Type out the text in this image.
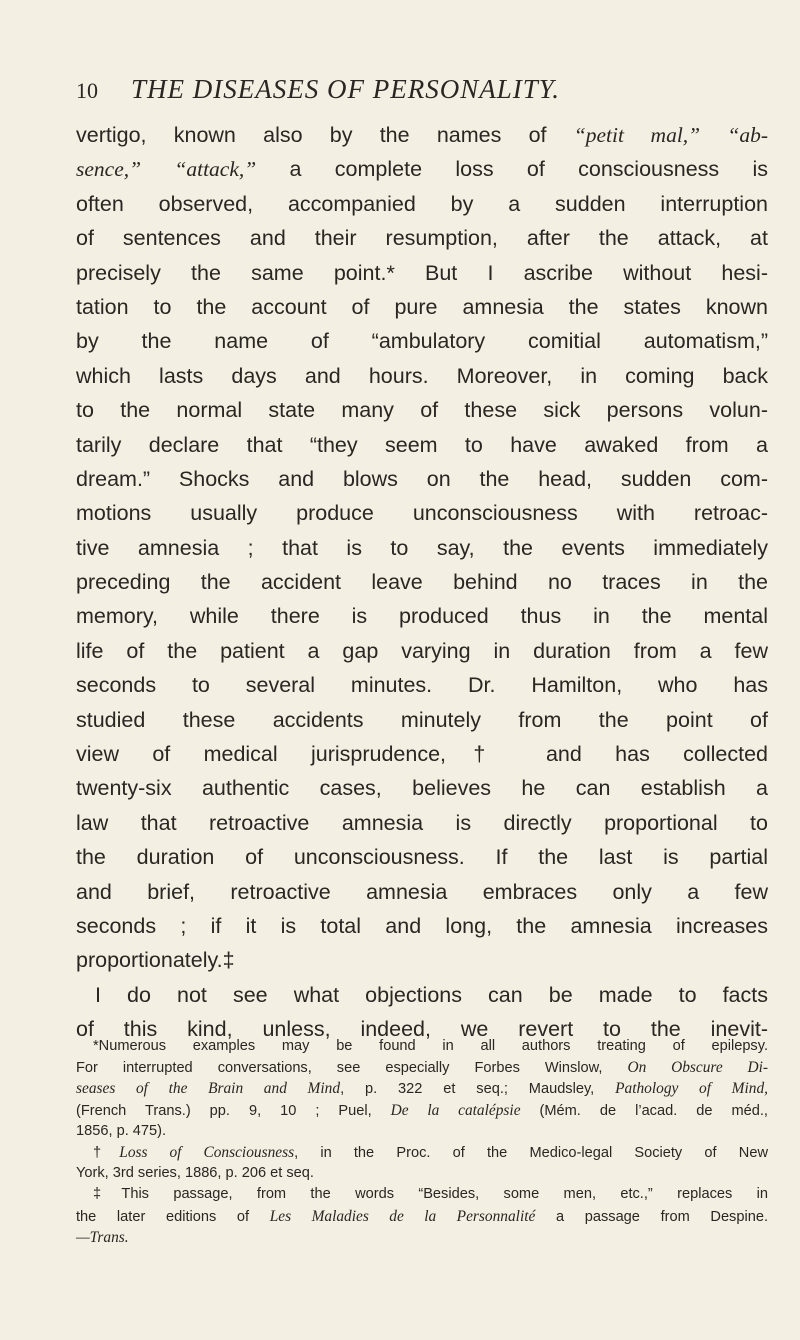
10 THE DISEASES OF PERSONALITY.
vertigo, known also by the names of “petit mal,” “ab-
sence,” “attack,” a complete loss of consciousness is
often observed, accompanied by a sudden interruption
of sentences and their resumption, after the attack, at
precisely the same point.* But I ascribe without hesi-
tation to the account of pure amnesia the states known
by the name of “ambulatory comitial automatism,”
which lasts days and hours. Moreover, in coming back
to the normal state many of these sick persons volun-
tarily declare that “they seem to have awaked from a
dream.” Shocks and blows on the head, sudden com-
motions usually produce unconsciousness with retroac-
tive amnesia ; that is to say, the events immediately
preceding the accident leave behind no traces in the
memory, while there is produced thus in the mental
life of the patient a gap varying in duration from a few
seconds to several minutes. Dr. Hamilton, who has
studied these accidents minutely from the point of
view of medical jurisprudence,† and has collected
twenty-six authentic cases, believes he can establish a
law that retroactive amnesia is directly proportional to
the duration of unconsciousness. If the last is partial
and brief, retroactive amnesia embraces only a few
seconds ; if it is total and long, the amnesia increases
proportionately.‡
I do not see what objections can be made to facts
of this kind, unless, indeed, we revert to the inevit-
*Numerous examples may be found in all authors treating of epilepsy.
For interrupted conversations, see especially Forbes Winslow, On Obscure Di-
seases of the Brain and Mind, p. 322 et seq.; Maudsley, Pathology of Mind,
(French Trans.) pp. 9, 10 ; Puel, De la catalépsie (Mém. de l’acad. de méd.,
1856, p. 475).
†Loss of Consciousness, in the Proc. of the Medico-legal Society of New
York, 3rd series, 1886, p. 206 et seq.
‡This passage, from the words “Besides, some men, etc.,” replaces in
the later editions of Les Maladies de la Personnalité a passage from Despine.
—Trans.
